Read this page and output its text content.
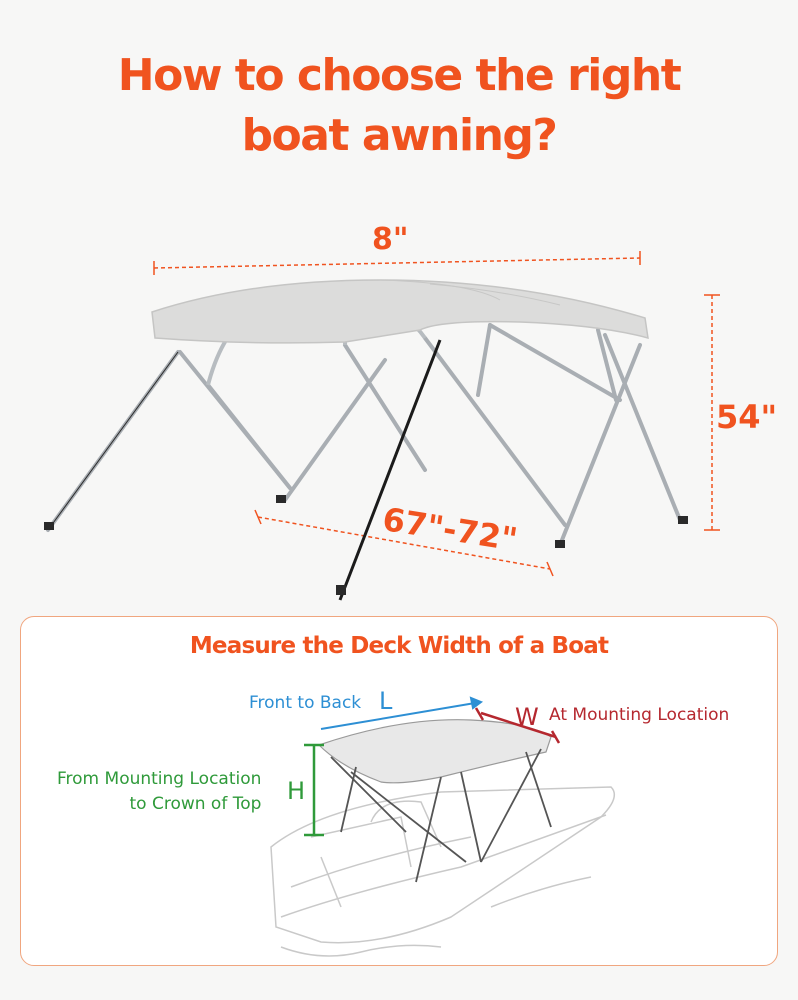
How to choose the right
boat awning?
8"
54"
67"-72"
Measure the Deck Width of a Boat
Front to Back L
W At Mounting Location
From Mounting Location
to Crown of Top H
